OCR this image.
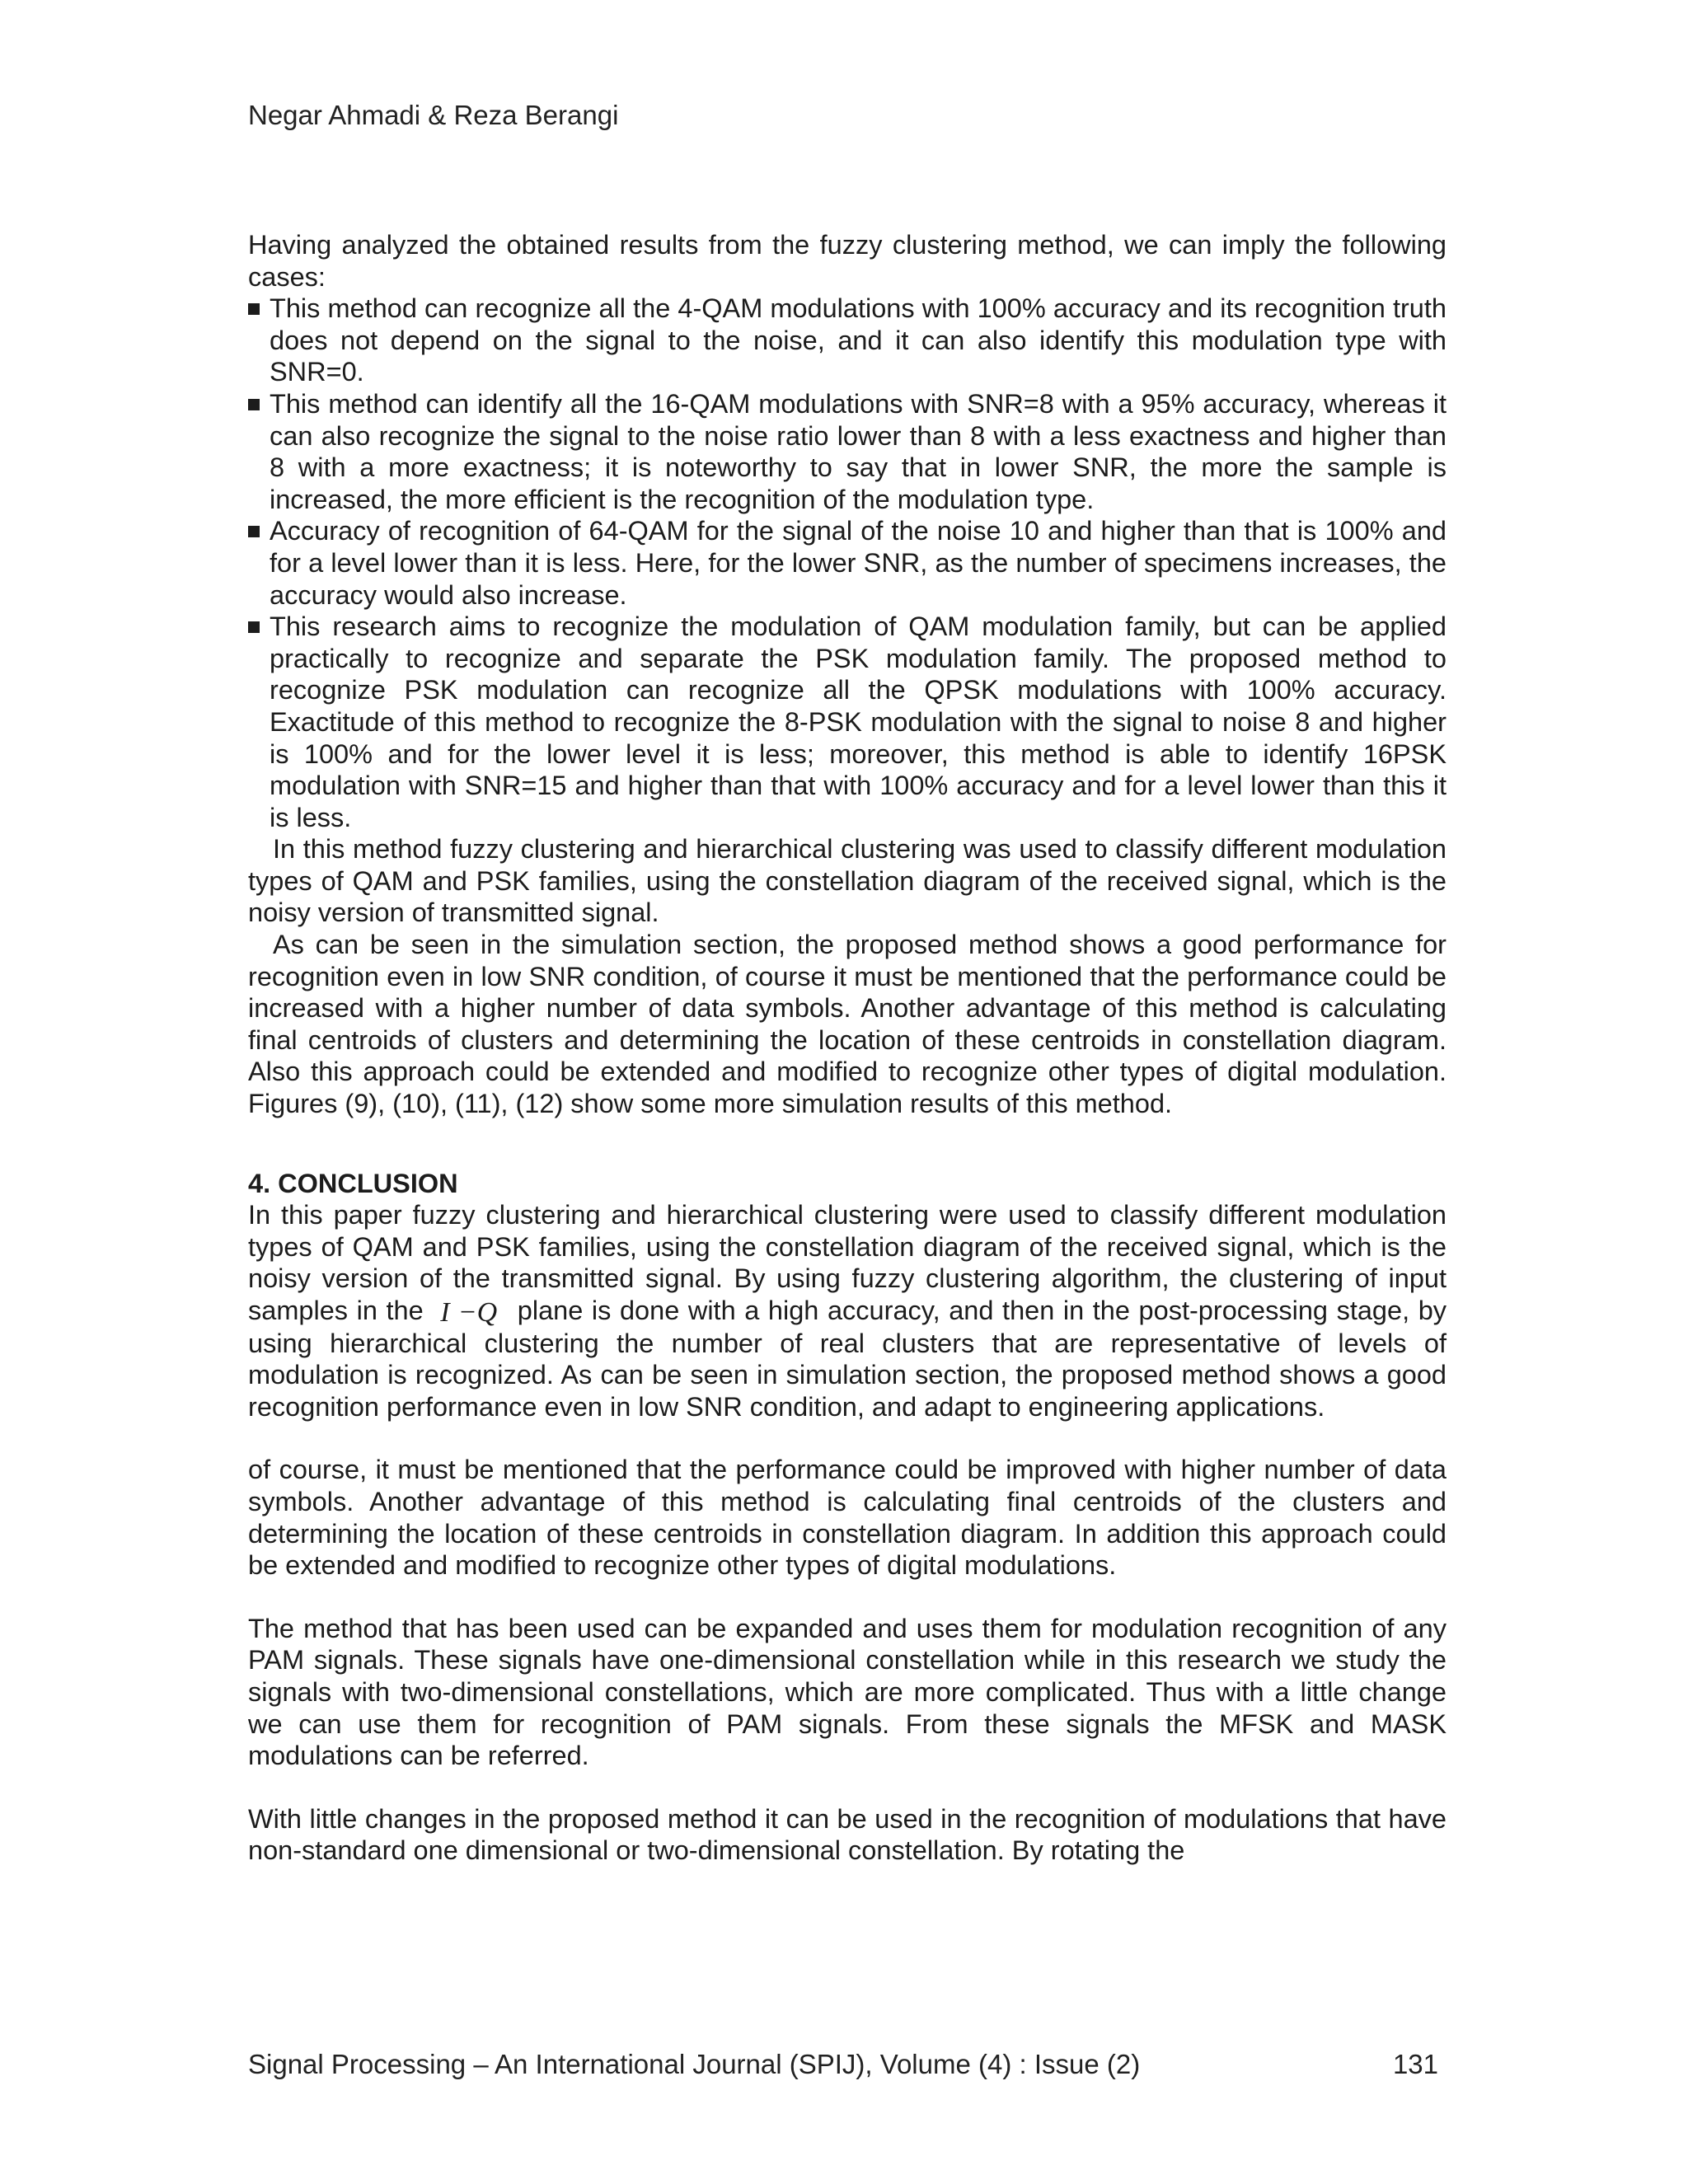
Negar Ahmadi & Reza Berangi

Having analyzed the obtained results from the fuzzy clustering method, we can imply the following cases:

This method can recognize all the 4-QAM modulations with 100% accuracy and its recognition truth does not depend on the signal to the noise, and it can also identify this modulation type with SNR=0.
This method can identify all the 16-QAM modulations with SNR=8 with a 95% accuracy, whereas it can also recognize the signal to the noise ratio lower than 8 with a less exactness and higher than 8 with a more exactness; it is noteworthy to say that in lower SNR, the more the sample is increased, the more efficient is the recognition of the modulation type.
Accuracy of recognition of 64-QAM for the signal of the noise 10 and higher than that is 100% and for a level lower than it is less. Here, for the lower SNR, as the number of specimens increases, the accuracy would also increase.
This research aims to recognize the modulation of QAM modulation family, but can be applied practically to recognize and separate the PSK modulation family. The proposed method to recognize PSK modulation can recognize all the QPSK modulations with 100% accuracy. Exactitude of this method to recognize the 8-PSK modulation with the signal to noise 8 and higher is 100% and for the lower level it is less; moreover, this method is able to identify 16PSK modulation with SNR=15 and higher than that with 100% accuracy and for a level lower than this it is less.

In this method fuzzy clustering and hierarchical clustering was used to classify different modulation types of QAM and PSK families, using the constellation diagram of the received signal, which is the noisy version of transmitted signal.

As can be seen in the simulation section, the proposed method shows a good performance for recognition even in low SNR condition, of course it must be mentioned that the performance could be increased with a higher number of data symbols. Another advantage of this method is calculating final centroids of clusters and determining the location of these centroids in constellation diagram. Also this approach could be extended and modified to recognize other types of digital modulation. Figures (9), (10), (11), (12) show some more simulation results of this method.

4. CONCLUSION

In this paper fuzzy clustering and hierarchical clustering were used to classify different modulation types of QAM and PSK families, using the constellation diagram of the received signal, which is the noisy version of the transmitted signal. By using fuzzy clustering algorithm, the clustering of input samples in the I −Q plane is done with a high accuracy, and then in the post-processing stage, by using hierarchical clustering the number of real clusters that are representative of levels of modulation is recognized. As can be seen in simulation section, the proposed method shows a good recognition performance even in low SNR condition, and adapt to engineering applications.

of course, it must be mentioned that the performance could be improved with higher number of data symbols. Another advantage of this method is calculating final centroids of the clusters and determining the location of these centroids in constellation diagram. In addition this approach could be extended and modified to recognize other types of digital modulations.

The method that has been used can be expanded and uses them for modulation recognition of any PAM signals. These signals have one-dimensional constellation while in this research we study the signals with two-dimensional constellations, which are more complicated. Thus with a little change we can use them for recognition of PAM signals. From these signals the MFSK and MASK modulations can be referred.

With little changes in the proposed method it can be used in the recognition of modulations that have non-standard one dimensional or two-dimensional constellation. By rotating the

Signal Processing – An International Journal (SPIJ), Volume (4) : Issue (2)	131
